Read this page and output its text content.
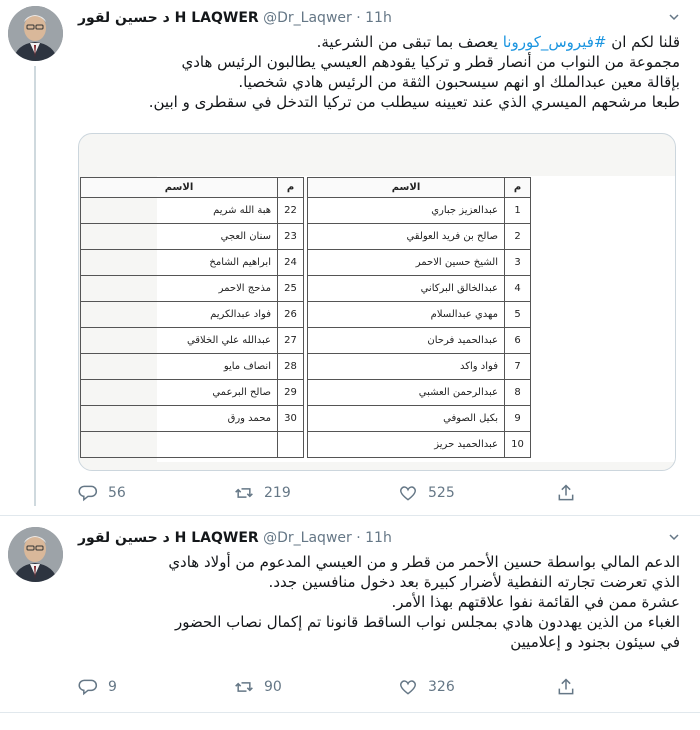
د حسين لقور H LAQWER @Dr_Laqwer · 11h

قلنا لكم ان #فيروس_كورونا يعصف بما تبقى من الشرعية.

مجموعة من النواب من أنصار قطر و تركيا يقودهم العيسي يطالبون الرئيس هادي

بإقالة معين عبدالملك او انهم سيسحبون الثقة من الرئيس هادي شخصيا.

طبعا مرشحهم الميسري الذي عند تعيينه سيطلب من تركيا التدخل في سقطرى و ابين.

م	الاسم		م	الاسم
1	عبدالعزيز جباري		22	هبة الله شريم
2	صالح بن فريد العولقي		23	سنان العجي
3	الشيخ حسين الاحمر		24	ابراهيم الشامخ
4	عبدالخالق البركاني		25	مذحج الاحمر
5	مهدي عبدالسلام		26	فواد عبدالكريم
6	عبدالحميد فرحان		27	عبدالله علي الخلاقي
7	فواد واكد		28	انصاف مايو
8	عبدالرحمن العشبي		29	صالح البرعمي
9	بكيل الصوفي		30	محمد ورق
10	عبدالحميد حريز			
56	219	525
د حسين لقور H LAQWER @Dr_Laqwer · 11h

الدعم المالي بواسطة حسين الأحمر من قطر و من العيسي المدعوم من أولاد هادي

الذي تعرضت تجارته النفطية لأضرار كبيرة بعد دخول منافسين جدد.

عشرة ممن في القائمة نفوا علاقتهم بهذا الأمر.

الغباء من الذين يهددون هادي بمجلس نواب الساقط قانونا تم إكمال نصاب الحضور

في سيئون بجنود و إعلاميين

9	90	326
